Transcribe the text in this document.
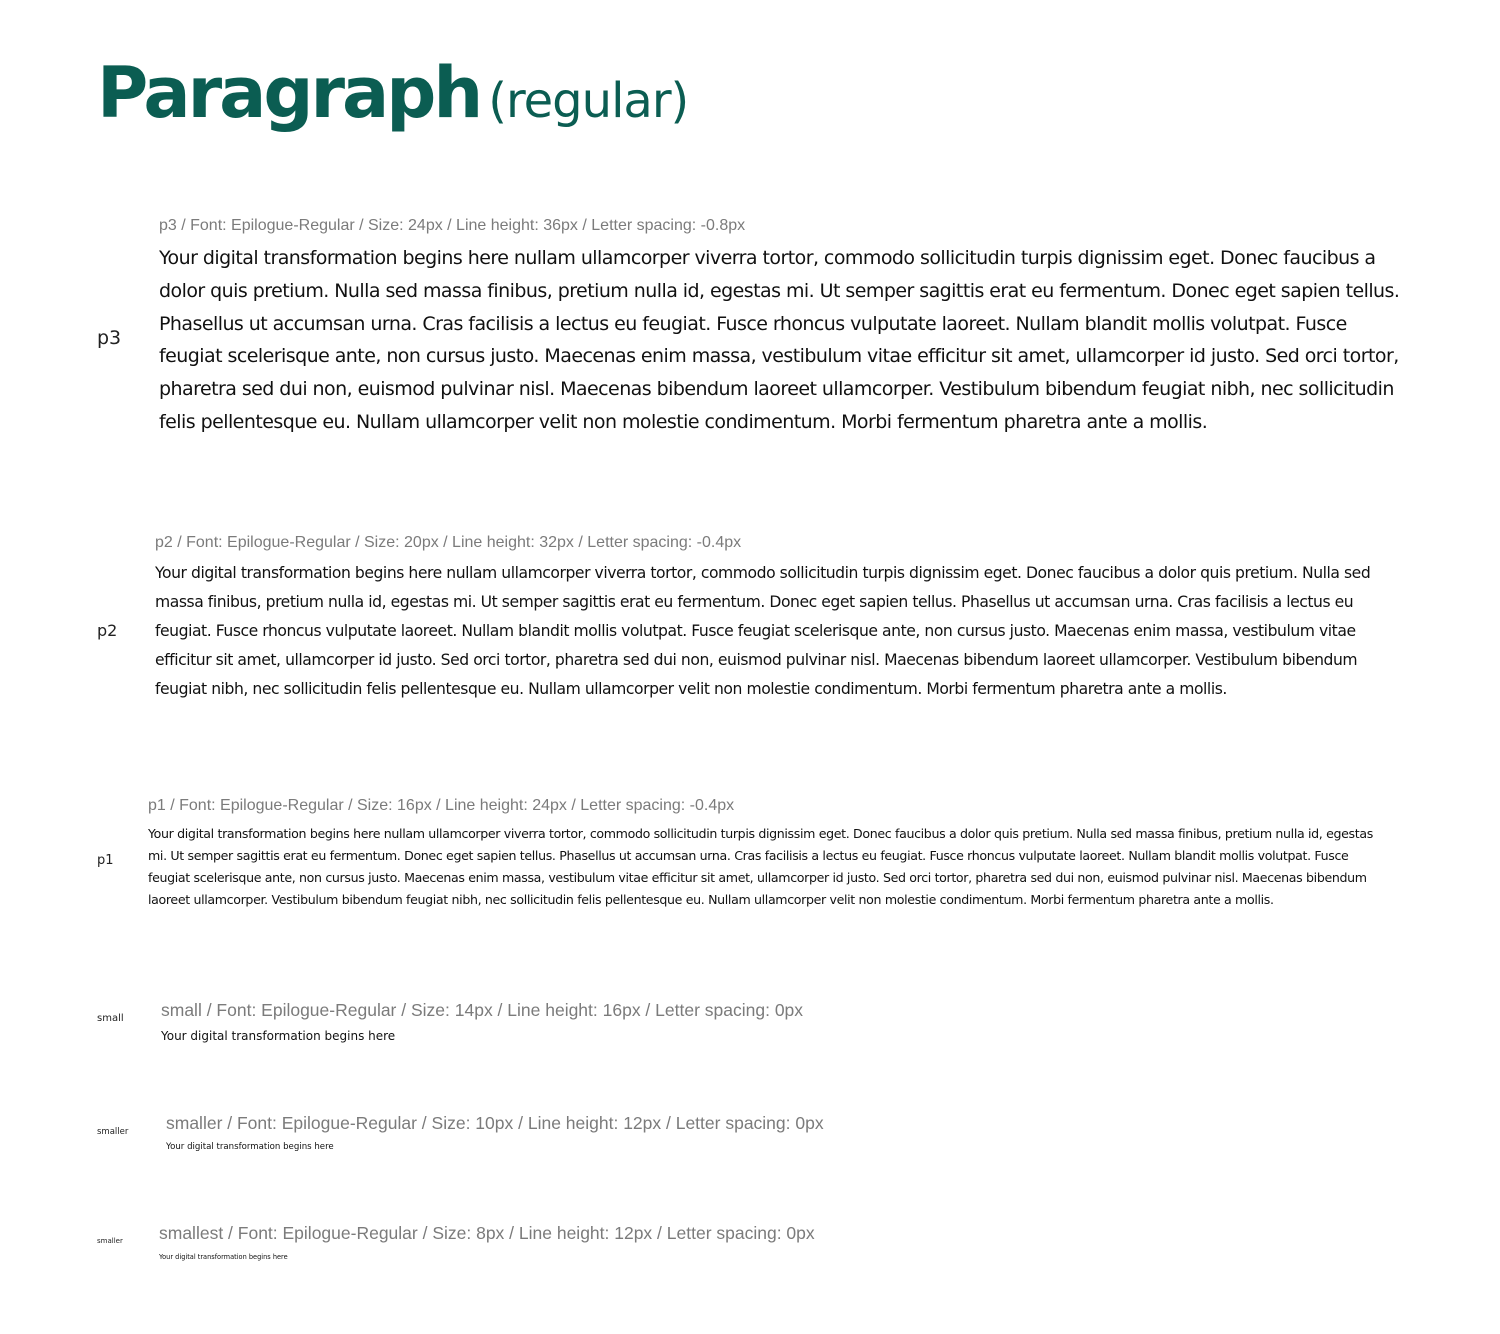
Paragraph (regular)
p3
p3 / Font: Epilogue-Regular / Size: 24px / Line height: 36px / Letter spacing: -0.8px

Your digital transformation begins here nullam ullamcorper viverra tortor, commodo sollicitudin turpis dignissim eget. Donec faucibus a dolor quis pretium. Nulla sed massa finibus, pretium nulla id, egestas mi. Ut semper sagittis erat eu fermentum. Donec eget sapien tellus. Phasellus ut accumsan urna. Cras facilisis a lectus eu feugiat. Fusce rhoncus vulputate laoreet. Nullam blandit mollis volutpat. Fusce feugiat scelerisque ante, non cursus justo. Maecenas enim massa, vestibulum vitae efficitur sit amet, ullamcorper id justo. Sed orci tortor, pharetra sed dui non, euismod pulvinar nisl. Maecenas bibendum laoreet ullamcorper. Vestibulum bibendum feugiat nibh, nec sollicitudin felis pellentesque eu. Nullam ullamcorper velit non molestie condimentum. Morbi fermentum pharetra ante a mollis.

p2
p2 / Font: Epilogue-Regular / Size: 20px / Line height: 32px / Letter spacing: -0.4px

Your digital transformation begins here nullam ullamcorper viverra tortor, commodo sollicitudin turpis dignissim eget. Donec faucibus a dolor quis pretium. Nulla sed massa finibus, pretium nulla id, egestas mi. Ut semper sagittis erat eu fermentum. Donec eget sapien tellus. Phasellus ut accumsan urna. Cras facilisis a lectus eu feugiat. Fusce rhoncus vulputate laoreet. Nullam blandit mollis volutpat. Fusce feugiat scelerisque ante, non cursus justo. Maecenas enim massa, vestibulum vitae efficitur sit amet, ullamcorper id justo. Sed orci tortor, pharetra sed dui non, euismod pulvinar nisl. Maecenas bibendum laoreet ullamcorper. Vestibulum bibendum feugiat nibh, nec sollicitudin felis pellentesque eu. Nullam ullamcorper velit non molestie condimentum. Morbi fermentum pharetra ante a mollis.

p1
p1 / Font: Epilogue-Regular / Size: 16px / Line height: 24px / Letter spacing: -0.4px

Your digital transformation begins here nullam ullamcorper viverra tortor, commodo sollicitudin turpis dignissim eget. Donec faucibus a dolor quis pretium. Nulla sed massa finibus, pretium nulla id, egestas mi. Ut semper sagittis erat eu fermentum. Donec eget sapien tellus. Phasellus ut accumsan urna. Cras facilisis a lectus eu feugiat. Fusce rhoncus vulputate laoreet. Nullam blandit mollis volutpat. Fusce feugiat scelerisque ante, non cursus justo. Maecenas enim massa, vestibulum vitae efficitur sit amet, ullamcorper id justo. Sed orci tortor, pharetra sed dui non, euismod pulvinar nisl. Maecenas bibendum laoreet ullamcorper. Vestibulum bibendum feugiat nibh, nec sollicitudin felis pellentesque eu. Nullam ullamcorper velit non molestie condimentum. Morbi fermentum pharetra ante a mollis.

small small / Font: Epilogue-Regular / Size: 14px / Line height: 16px / Letter spacing: 0px

Your digital transformation begins here

smaller smaller / Font: Epilogue-Regular / Size: 10px / Line height: 12px / Letter spacing: 0px

Your digital transformation begins here

smaller smallest / Font: Epilogue-Regular / Size: 8px / Line height: 12px / Letter spacing: 0px

Your digital transformation begins here
